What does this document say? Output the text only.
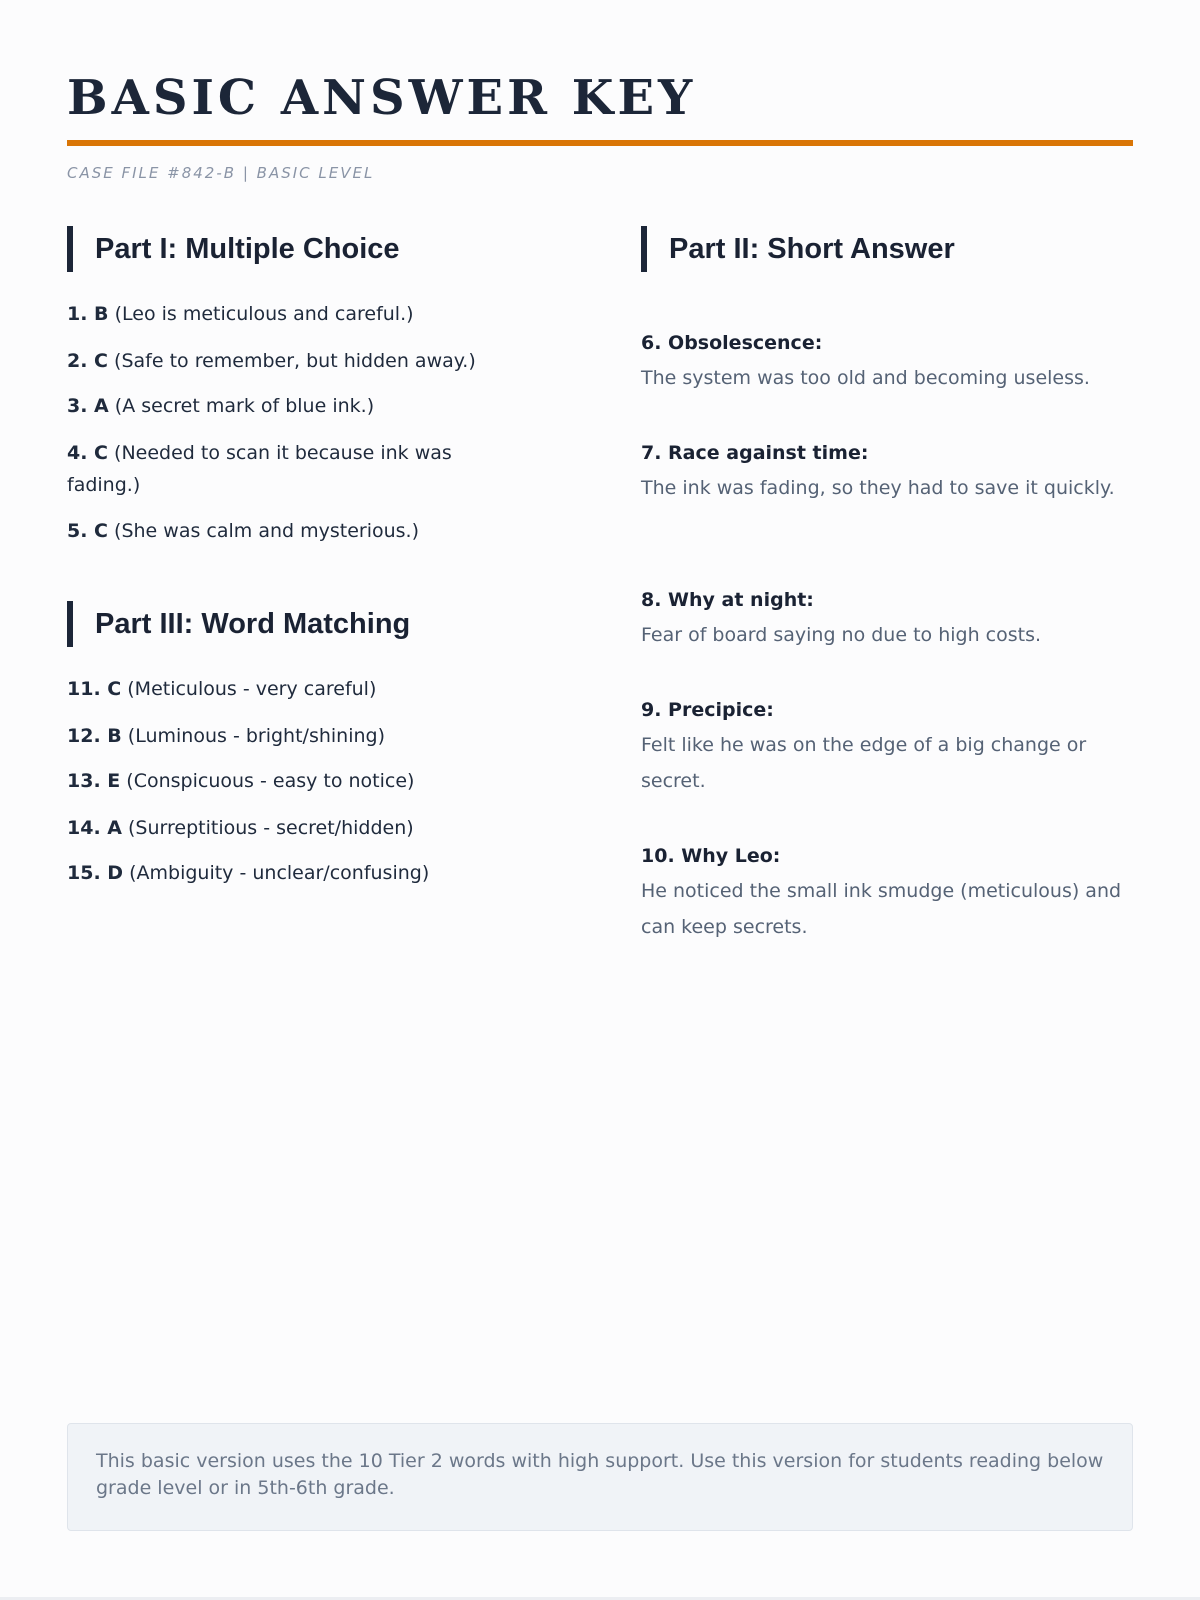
BASIC ANSWER KEY
CASE FILE #842-B | BASIC LEVEL
Part I: Multiple Choice
1. B (Leo is meticulous and careful.)
2. C (Safe to remember, but hidden away.)
3. A (A secret mark of blue ink.)
4. C (Needed to scan it because ink was fading.)
5. C (She was calm and mysterious.)
Part III: Word Matching
11. C (Meticulous - very careful)
12. B (Luminous - bright/shining)
13. E (Conspicuous - easy to notice)
14. A (Surreptitious - secret/hidden)
15. D (Ambiguity - unclear/confusing)
Part II: Short Answer
6. Obsolescence:
The system was too old and becoming useless.
7. Race against time:
The ink was fading, so they had to save it quickly.
8. Why at night:
Fear of board saying no due to high costs.
9. Precipice:
Felt like he was on the edge of a big change or secret.
10. Why Leo:
He noticed the small ink smudge (meticulous) and can keep secrets.
This basic version uses the 10 Tier 2 words with high support. Use this version for students reading below grade level or in 5th-6th grade.
